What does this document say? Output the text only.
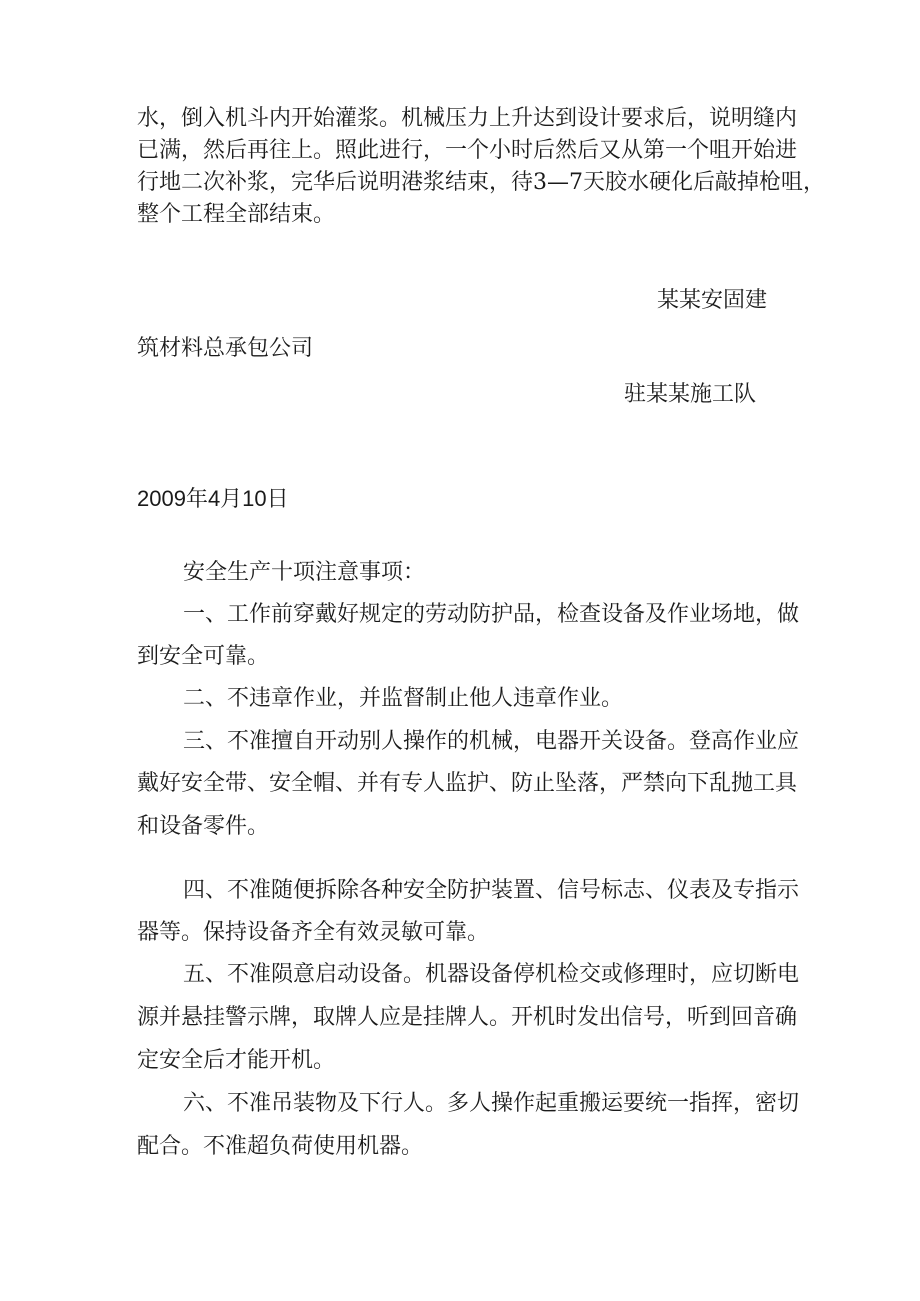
水，倒入机斗内开始灌浆。机械压力上升达到设计要求后，说明缝内
已满，然后再往上。照此进行，一个小时后然后又从第一个咀开始进
行地二次补浆，完华后说明港浆结束，待3—7天胶水硬化后敲掉枪咀，
整个工程全部结束。
某某安固建
筑材料总承包公司
驻某某施工队
2009年4月10日
安全生产十项注意事项：
一、工作前穿戴好规定的劳动防护品，检查设备及作业场地，做
到安全可靠。
二、不违章作业，并监督制止他人违章作业。
三、不准擅自开动别人操作的机械，电器开关设备。登高作业应
戴好安全带、安全帽、并有专人监护、防止坠落，严禁向下乱抛工具
和设备零件。
四、不准随便拆除各种安全防护装置、信号标志、仪表及专指示
器等。保持设备齐全有效灵敏可靠。
五、不准陨意启动设备。机器设备停机检交或修理时，应切断电
源并悬挂警示牌，取牌人应是挂牌人。开机时发出信号，听到回音确
定安全后才能开机。
六、不准吊装物及下行人。多人操作起重搬运要统一指挥，密切
配合。不准超负荷使用机器。
